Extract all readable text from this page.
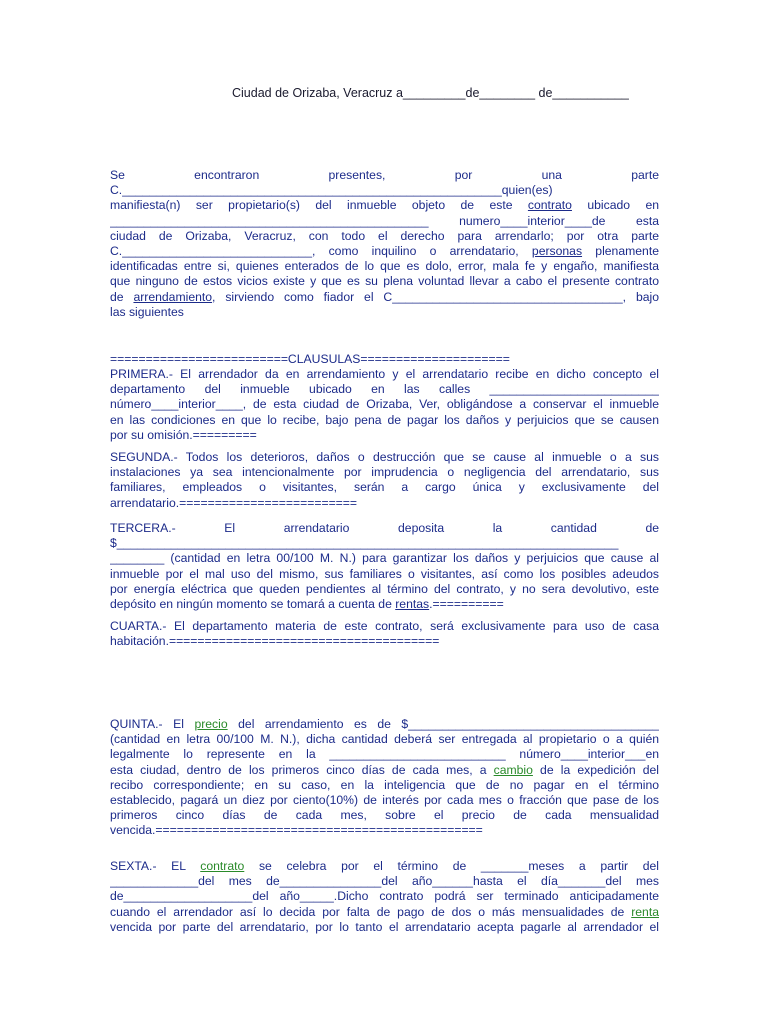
Ciudad de Orizaba, Veracruz a_________de________ de___________
Se encontraron presentes, por una parte
C.________________________________________________________quien(es)
manifiesta(n) ser propietario(s) del inmueble objeto de este contrato ubicado en
_______________________________________________ numero____interior____de esta
ciudad de Orizaba, Veracruz, con todo el derecho para arrendarlo; por otra parte
C.____________________________, como inquilino o arrendatario, personas plenamente
identificadas entre si, quienes enterados de lo que es dolo, error, mala fe y engaño, manifiesta
que ninguno de estos vicios existe y que es su plena voluntad llevar a cabo el presente contrato
de arrendamiento, sirviendo como fiador el C__________________________________, bajo
las siguientes
=========================CLAUSULAS=====================
PRIMERA.- El arrendador da en arrendamiento y el arrendatario recibe en dicho concepto el
departamento del inmueble ubicado en las calles _________________________
número____interior____, de esta ciudad de Orizaba, Ver, obligándose a conservar el inmueble
en las condiciones en que lo recibe, bajo pena de pagar los daños y perjuicios que se causen
por su omisión.=========
SEGUNDA.- Todos los deterioros, daños o destrucción que se cause al inmueble o a sus
instalaciones ya sea intencionalmente por imprudencia o negligencia del arrendatario, sus
familiares, empleados o visitantes, serán a cargo única y exclusivamente del
arrendatario.=========================
TERCERA.- El arrendatario deposita la cantidad de
$__________________________________________________________________________
________ (cantidad en letra 00/100 M. N.) para garantizar los daños y perjuicios que cause al
inmueble por el mal uso del mismo, sus familiares o visitantes, así como los posibles adeudos
por energía eléctrica que queden pendientes al término del contrato, y no sera devolutivo, este
depósito en ningún momento se tomará a cuenta de rentas.==========
CUARTA.- El departamento materia de este contrato, será exclusivamente para uso de casa
habitación.======================================
QUINTA.- El precio del arrendamiento es de $_____________________________________
(cantidad en letra 00/100 M. N.), dicha cantidad deberá ser entregada al propietario o a quién
legalmente lo represente en la __________________________ número____interior___en
esta ciudad, dentro de los primeros cinco días de cada mes, a cambio de la expedición del
recibo correspondiente; en su caso, en la inteligencia que de no pagar en el término
establecido, pagará un diez por ciento(10%) de interés por cada mes o fracción que pase de los
primeros cinco días de cada mes, sobre el precio de cada mensualidad
vencida.==============================================
SEXTA.- EL contrato se celebra por el término de _______meses a partir del
_____________del mes de_______________del año______hasta el día_______del mes
de___________________del año_____.Dicho contrato podrá ser terminado anticipadamente
cuando el arrendador así lo decida por falta de pago de dos o más mensualidades de renta
vencida por parte del arrendatario, por lo tanto el arrendatario acepta pagarle al arrendador el
